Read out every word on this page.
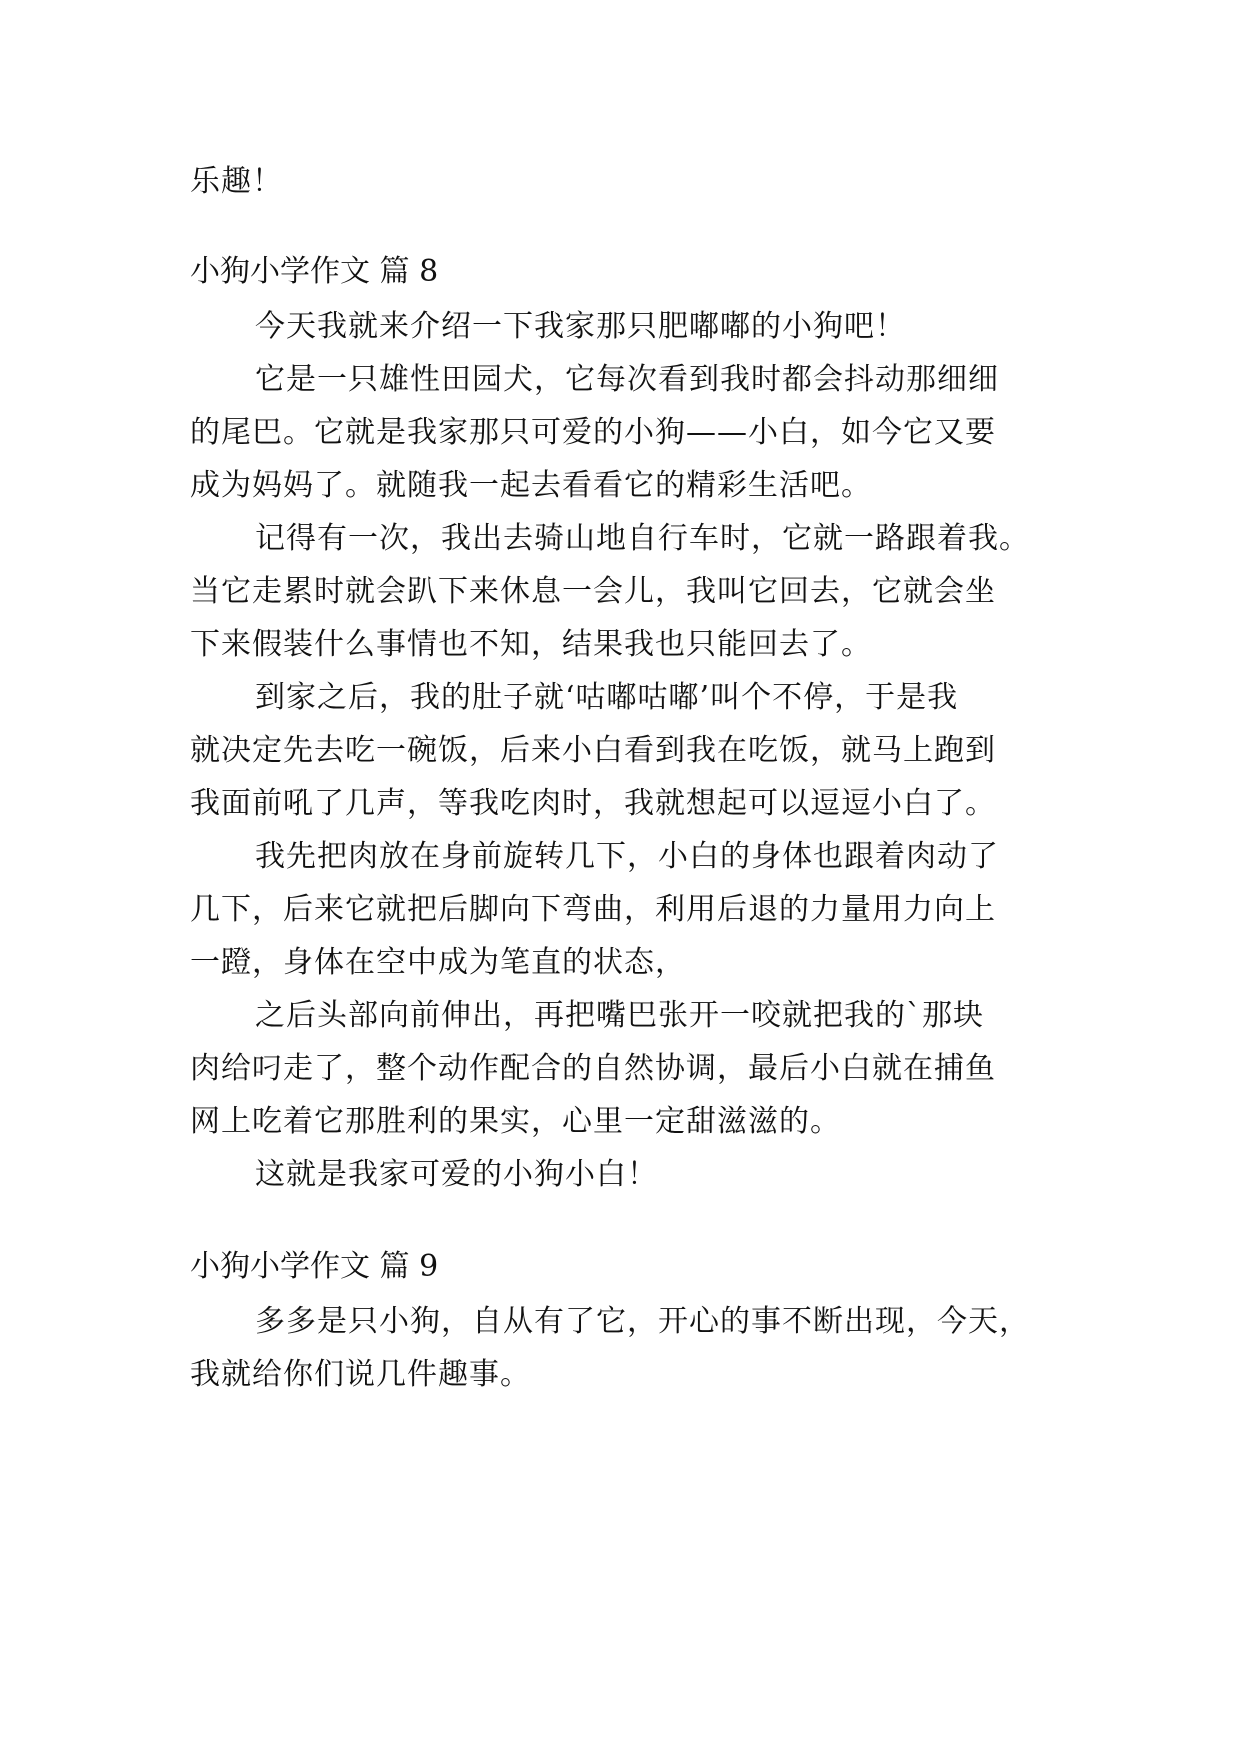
乐趣！
小狗小学作文 篇 8
今天我就来介绍一下我家那只肥嘟嘟的小狗吧！
它是一只雄性田园犬，它每次看到我时都会抖动那细细
的尾巴。它就是我家那只可爱的小狗——小白，如今它又要
成为妈妈了。就随我一起去看看它的精彩生活吧。
记得有一次，我出去骑山地自行车时，它就一路跟着我。
当它走累时就会趴下来休息一会儿，我叫它回去，它就会坐
下来假装什么事情也不知，结果我也只能回去了。
到家之后，我的肚子就‘咕嘟咕嘟’叫个不停，于是我
就决定先去吃一碗饭，后来小白看到我在吃饭，就马上跑到
我面前吼了几声，等我吃肉时，我就想起可以逗逗小白了。
我先把肉放在身前旋转几下，小白的身体也跟着肉动了
几下，后来它就把后脚向下弯曲，利用后退的力量用力向上
一蹬，身体在空中成为笔直的状态，
之后头部向前伸出，再把嘴巴张开一咬就把我的`那块
肉给叼走了，整个动作配合的自然协调，最后小白就在捕鱼
网上吃着它那胜利的果实，心里一定甜滋滋的。
这就是我家可爱的小狗小白！
小狗小学作文 篇 9
多多是只小狗，自从有了它，开心的事不断出现，今天，
我就给你们说几件趣事。
